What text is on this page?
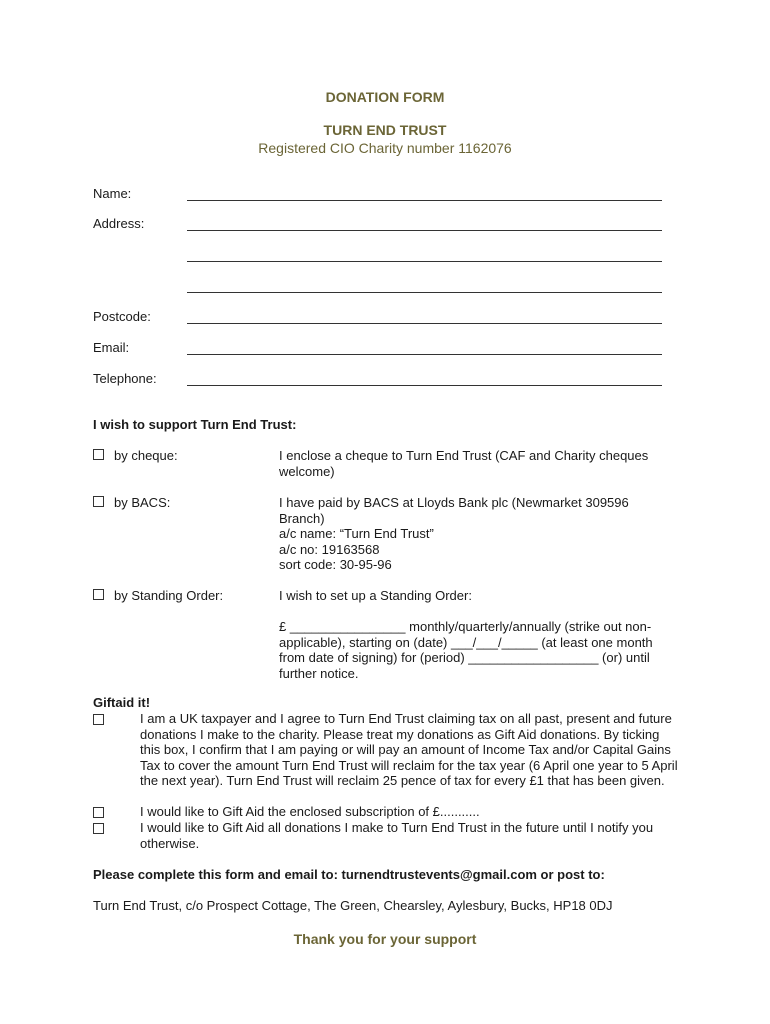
DONATION FORM
TURN END TRUST
Registered CIO Charity number 1162076
Name:
Address:
Postcode:
Email:
Telephone:
I wish to support Turn End Trust:
by cheque:	I enclose a cheque to Turn End Trust (CAF and Charity cheques welcome)
by BACS:	I have paid by BACS at Lloyds Bank plc (Newmarket 309596 Branch)
a/c name: “Turn End Trust”
a/c no: 19163568
sort code: 30-95-96
by Standing Order:	I wish to set up a Standing Order:
£ ________________ monthly/quarterly/annually (strike out non-applicable), starting on (date) ___/___/_____ (at least one month from date of signing) for (period) __________________ (or) until further notice.
Giftaid it!
I am a UK taxpayer and I agree to Turn End Trust claiming tax on all past, present and future donations I make to the charity. Please treat my donations as Gift Aid donations. By ticking this box, I confirm that I am paying or will pay an amount of Income Tax and/or Capital Gains Tax to cover the amount Turn End Trust will reclaim for the tax year (6 April one year to 5 April the next year). Turn End Trust will reclaim 25 pence of tax for every £1 that has been given.
I would like to Gift Aid the enclosed subscription of £...........
I would like to Gift Aid all donations I make to Turn End Trust in the future until I notify you otherwise.
Please complete this form and email to: turnendtrustevents@gmail.com or post to:
Turn End Trust, c/o Prospect Cottage, The Green, Chearsley, Aylesbury, Bucks, HP18 0DJ
Thank you for your support
